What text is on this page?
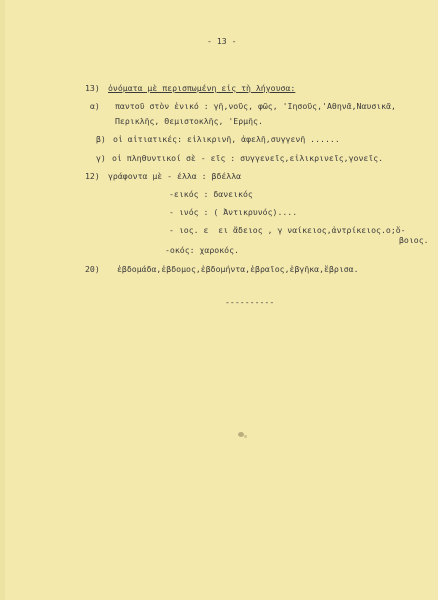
- 13 -
13) ὀνόματα μὲ περισπωμένη εἰς τὴ λήγουσα:
α) παντοῦ στὸν ἑνικό : γῆ,νοῦς, φῶς, 'Ιησοῦς,'Αθηνᾶ,Ναυσικᾶ,
Περικλῆς, Θεμιστοκλῆς, 'Ερμῆς.
β) οἱ αἰτιατικές: εἰλικρινῆ, ἀφελῆ,συγγενῆ ......
γ) οἱ πληθυντικοί σὲ - εῖς : συγγενεῖς,εἰλικρινεῖς,γονεῖς.
12) γράφοντα μὲ - έλλα : βδέλλα
-εικός : δανεικός
- ινός : ( Ἀντικρυνός)....
- ιος. ε  ει ἄδειος , γ ναίκειος,ἀντρίκειος.ο;ὅ-
βοιος.
-οκός: χαροκός.
20) ἑβδομάδα,ἑβδομος,ἑβδομήντα,ἑβραῖος,ἑβγῆκα,ἕβρισα.
----------
